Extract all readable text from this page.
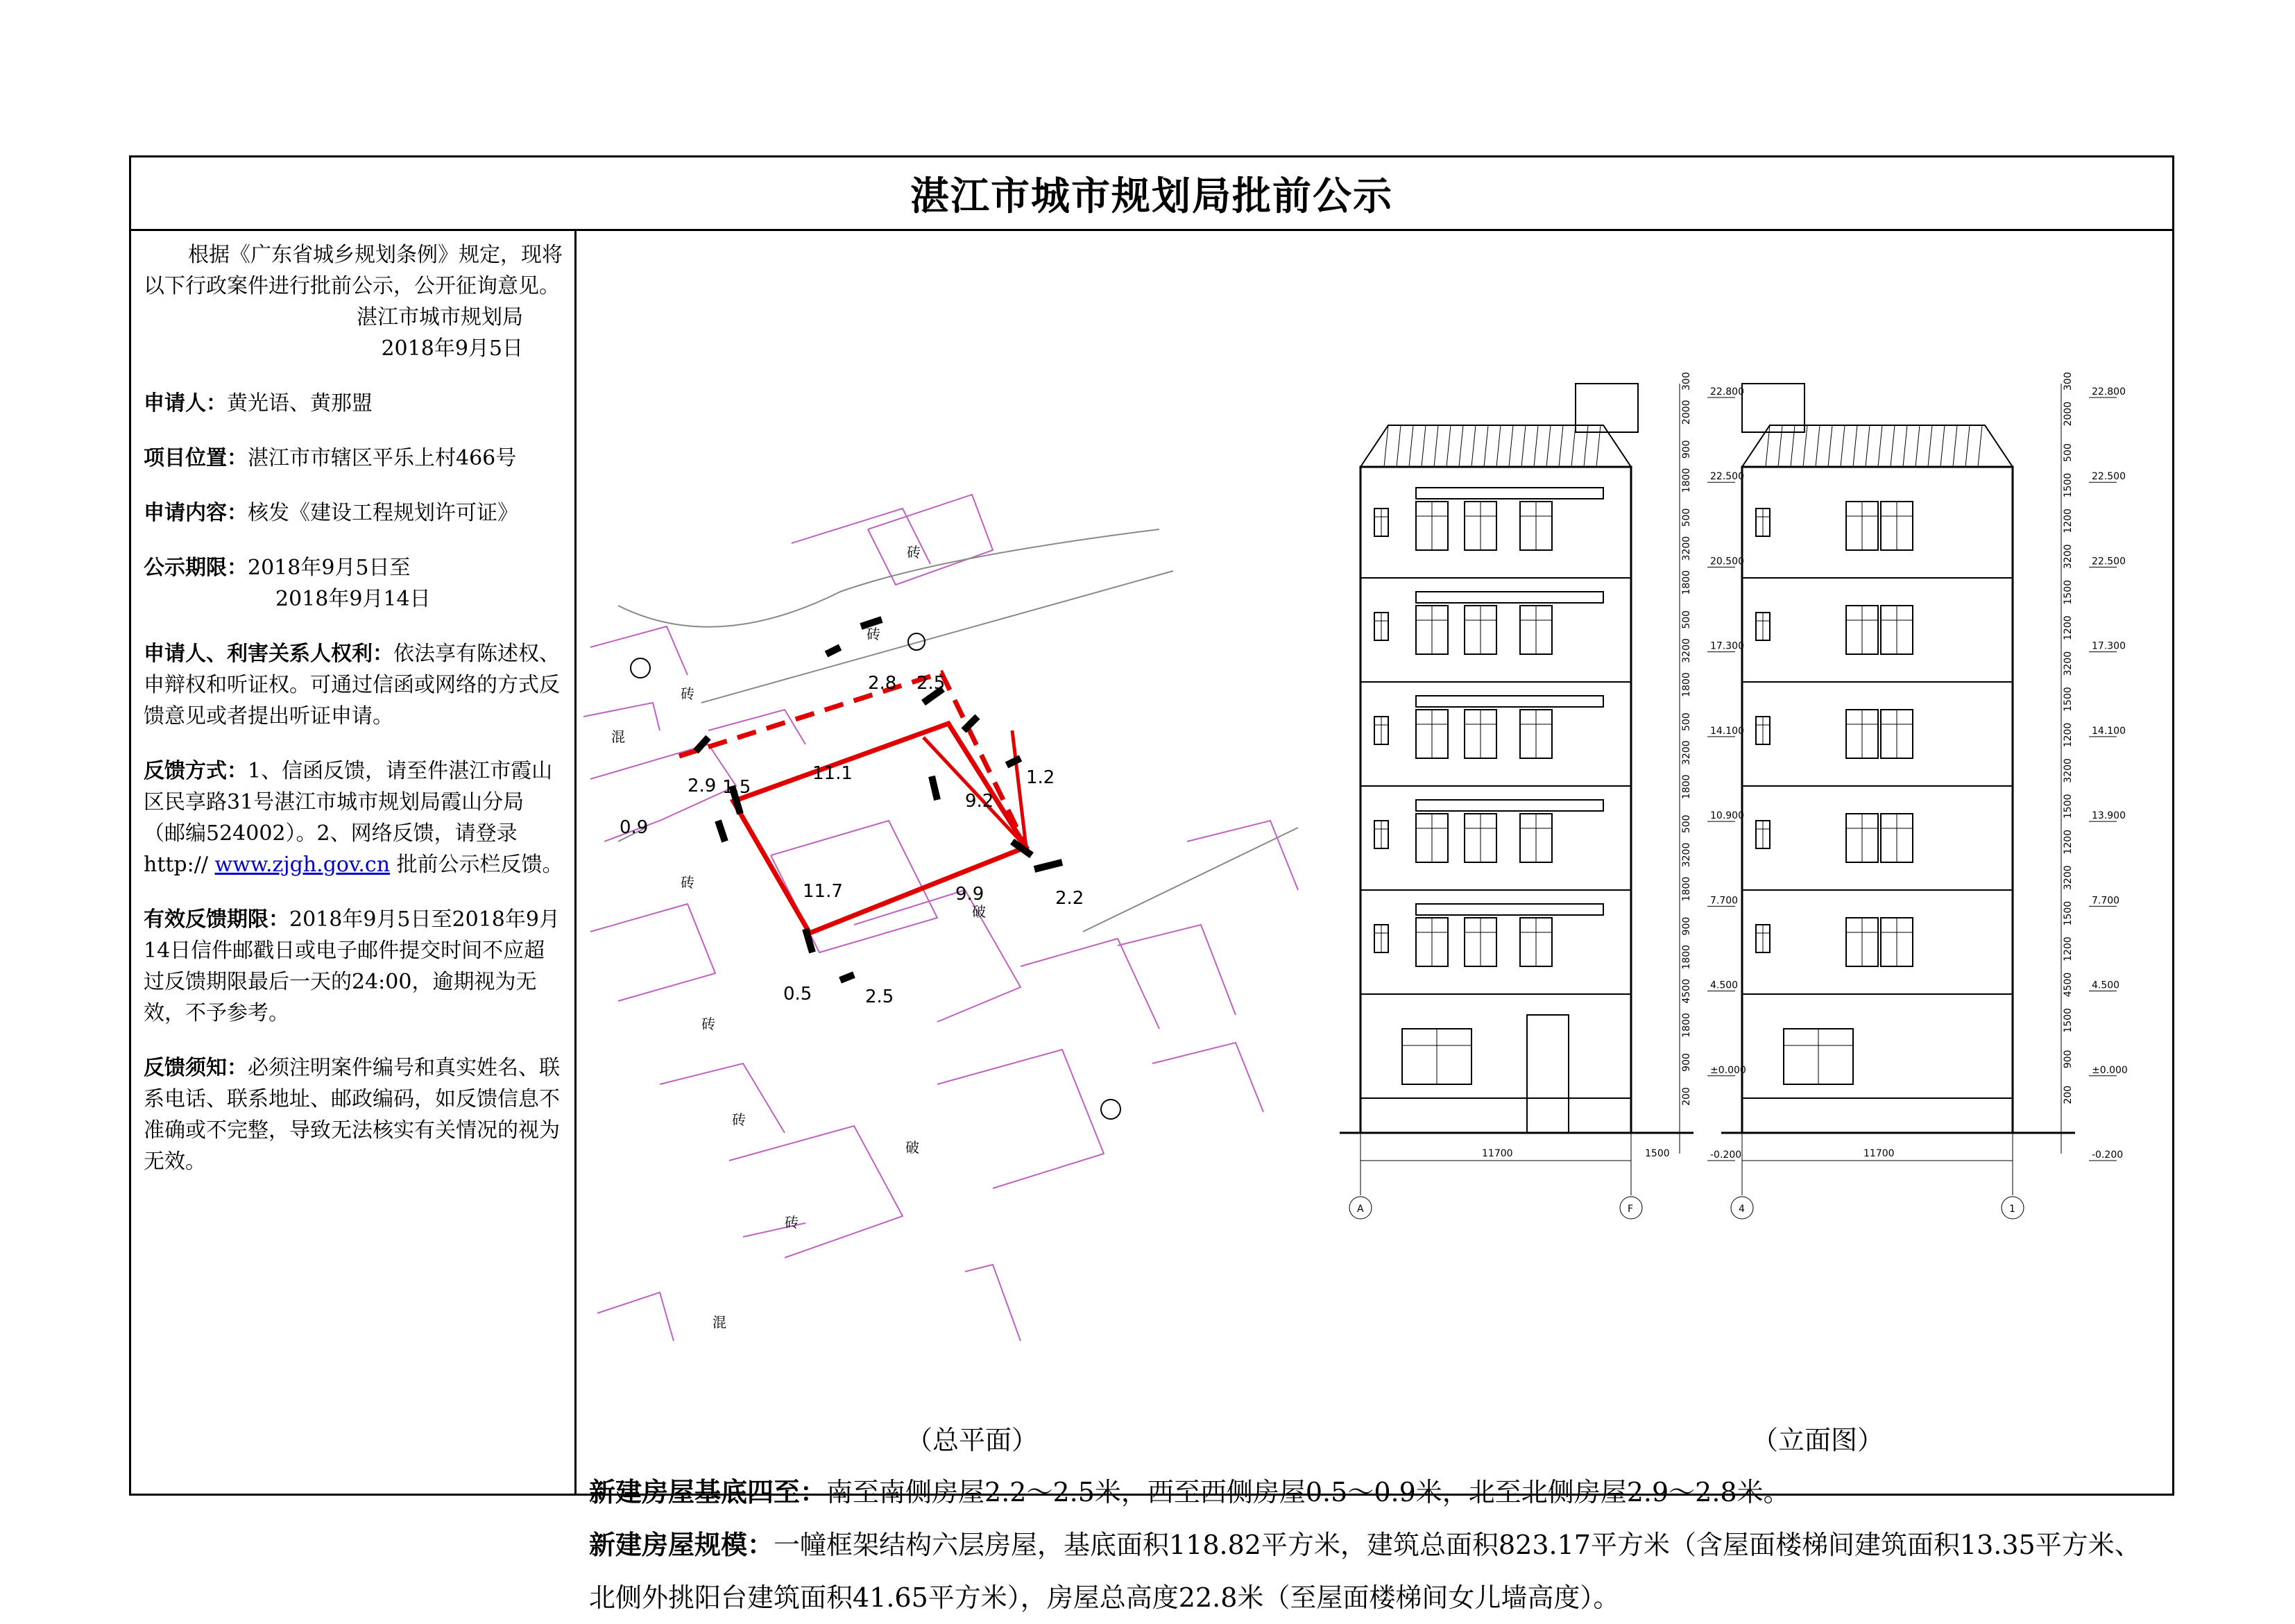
湛江市城市规划局批前公示

根据《广东省城乡规划条例》规定，现将以下行政案件进行批前公示，公开征询意见。

湛江市城市规划局

2018年9月5日

申请人：黄光语、黄那盟

项目位置：湛江市市辖区平乐上村466号

申请内容：核发《建设工程规划许可证》

公示期限：2018年9月5日至

2018年9月14日

申请人、利害关系人权利：依法享有陈述权、申辩权和听证权。可通过信函或网络的方式反馈意见或者提出听证申请。

反馈方式：1、信函反馈，请至件湛江市霞山区民享路31号湛江市城市规划局霞山分局（邮编524002）。2、网络反馈，请登录http:// www.zjgh.gov.cn 批前公示栏反馈。

有效反馈期限：2018年9月5日至2018年9月14日信件邮戳日或电子邮件提交时间不应超过反馈期限最后一天的24:00，逾期视为无效，不予参考。

反馈须知：必须注明案件编号和真实姓名、联系电话、联系地址、邮政编码，如反馈信息不准确或不完整，导致无法核实有关情况的视为无效。

1.5
2.8 2.5
11.1
9.2
1.2
2.9
0.9
11.7	9.9	2.2
0.5	2.5
砖
砖
砖
砖
混
砖
砖
砖
破
破
混
300
2000
900
1800
500
3200
1800
500
3200
1800
500
3200
1800
500
3200
1800
900
1800
4500
1800
900
200
22.800
22.500
20.500
17.300
14.100
10.900
7.700
4.500
±0.000
-0.200
11700	1500
A	F
300
2000
500
1500
1200
3200
1500
1200
3200
1500
1200
3200
1500
1200
3200
1500
1200
4500
1500
900
200
22.800
22.500
22.500
17.300
14.100
13.900
7.700
4.500
±0.000
-0.200
11700
4	1
（总平面）	（立面图）
新建房屋基底四至：南至南侧房屋2.2～2.5米，西至西侧房屋0.5～0.9米，北至北侧房屋2.9～2.8米。
新建房屋规模：一幢框架结构六层房屋，基底面积118.82平方米，建筑总面积823.17平方米（含屋面楼梯间建筑面积13.35平方米、北侧外挑阳台建筑面积41.65平方米），房屋总高度22.8米（至屋面楼梯间女儿墙高度）。
